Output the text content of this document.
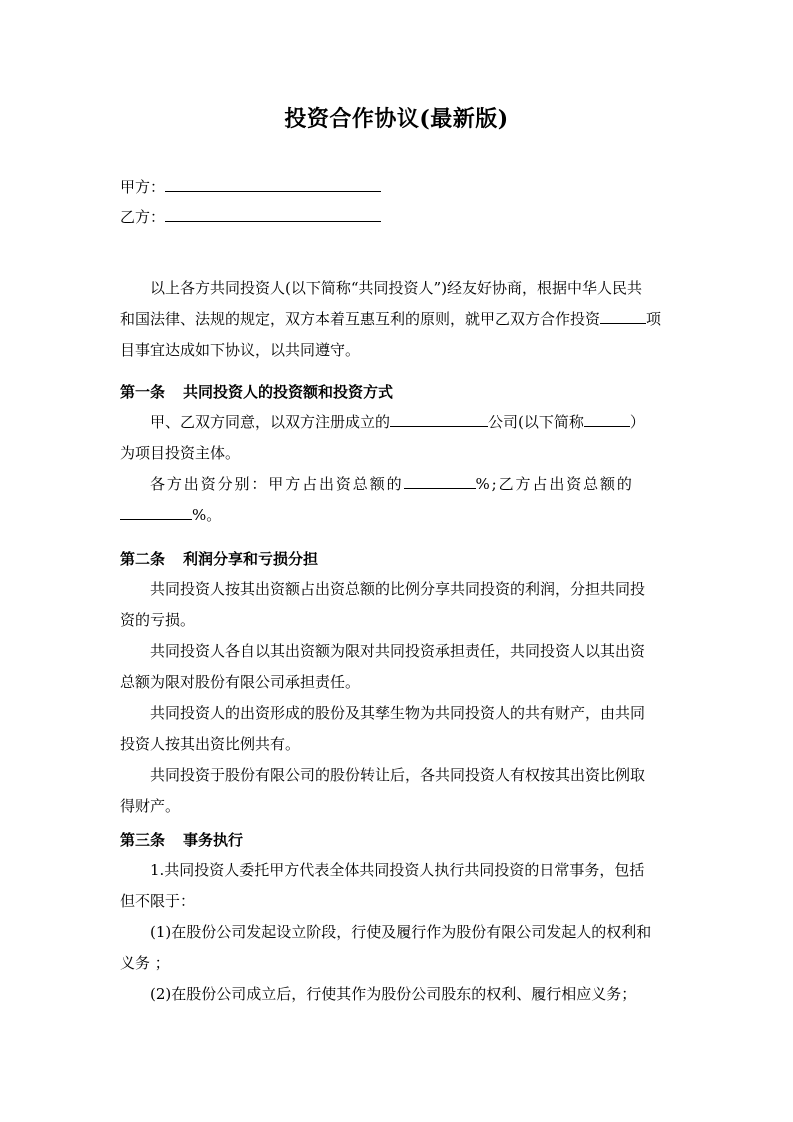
投资合作协议(最新版)
甲方：
乙方：
以上各方共同投资人(以下简称“共同投资人”)经友好协商，根据中华人民共
和国法律、法规的规定，双方本着互惠互利的原则，就甲乙双方合作投资	项
目事宜达成如下协议，以共同遵守。
第一条 共同投资人的投资额和投资方式
甲、乙双方同意，以双方注册成立的	公司(以下简称	）
为项目投资主体。
各方出资分别：甲方占出资总额的	%;乙方占出资总额的
%。
第二条 利润分享和亏损分担
共同投资人按其出资额占出资总额的比例分享共同投资的利润，分担共同投
资的亏损。
共同投资人各自以其出资额为限对共同投资承担责任，共同投资人以其出资
总额为限对股份有限公司承担责任。
共同投资人的出资形成的股份及其孳生物为共同投资人的共有财产，由共同
投资人按其出资比例共有。
共同投资于股份有限公司的股份转让后，各共同投资人有权按其出资比例取
得财产。
第三条 事务执行
1.共同投资人委托甲方代表全体共同投资人执行共同投资的日常事务，包括
但不限于：
(1)在股份公司发起设立阶段，行使及履行作为股份有限公司发起人的权利和
义务 ；
(2)在股份公司成立后，行使其作为股份公司股东的权利、履行相应义务；
